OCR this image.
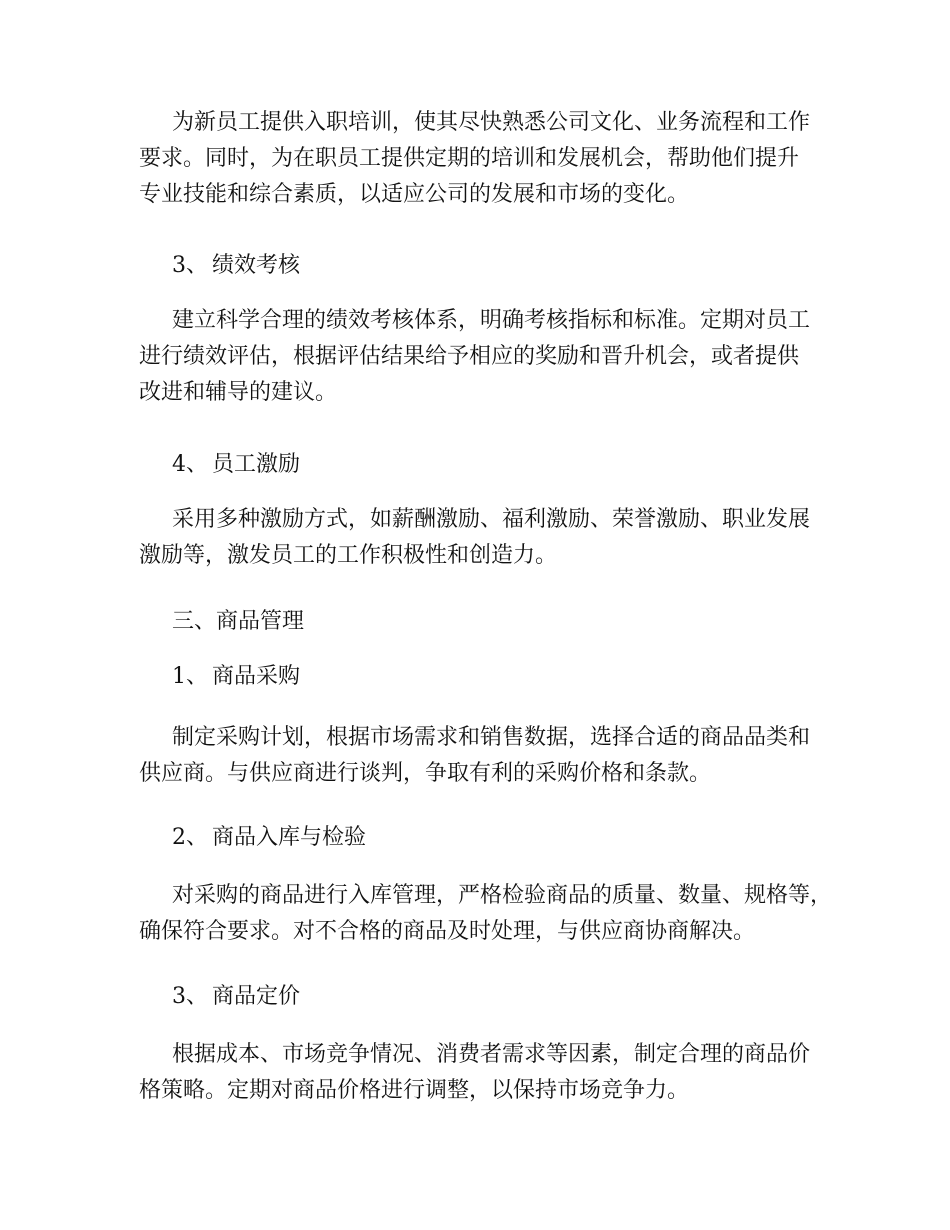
为新员工提供入职培训，使其尽快熟悉公司文化、业务流程和工作
要求。同时，为在职员工提供定期的培训和发展机会，帮助他们提升
专业技能和综合素质，以适应公司的发展和市场的变化。
3、 绩效考核
建立科学合理的绩效考核体系，明确考核指标和标准。定期对员工
进行绩效评估，根据评估结果给予相应的奖励和晋升机会，或者提供
改进和辅导的建议。
4、 员工激励
采用多种激励方式，如薪酬激励、福利激励、荣誉激励、职业发展
激励等，激发员工的工作积极性和创造力。
三、商品管理
1、 商品采购
制定采购计划，根据市场需求和销售数据，选择合适的商品品类和
供应商。与供应商进行谈判，争取有利的采购价格和条款。
2、 商品入库与检验
对采购的商品进行入库管理，严格检验商品的质量、数量、规格等，
确保符合要求。对不合格的商品及时处理，与供应商协商解决。
3、 商品定价
根据成本、市场竞争情况、消费者需求等因素，制定合理的商品价
格策略。定期对商品价格进行调整，以保持市场竞争力。
